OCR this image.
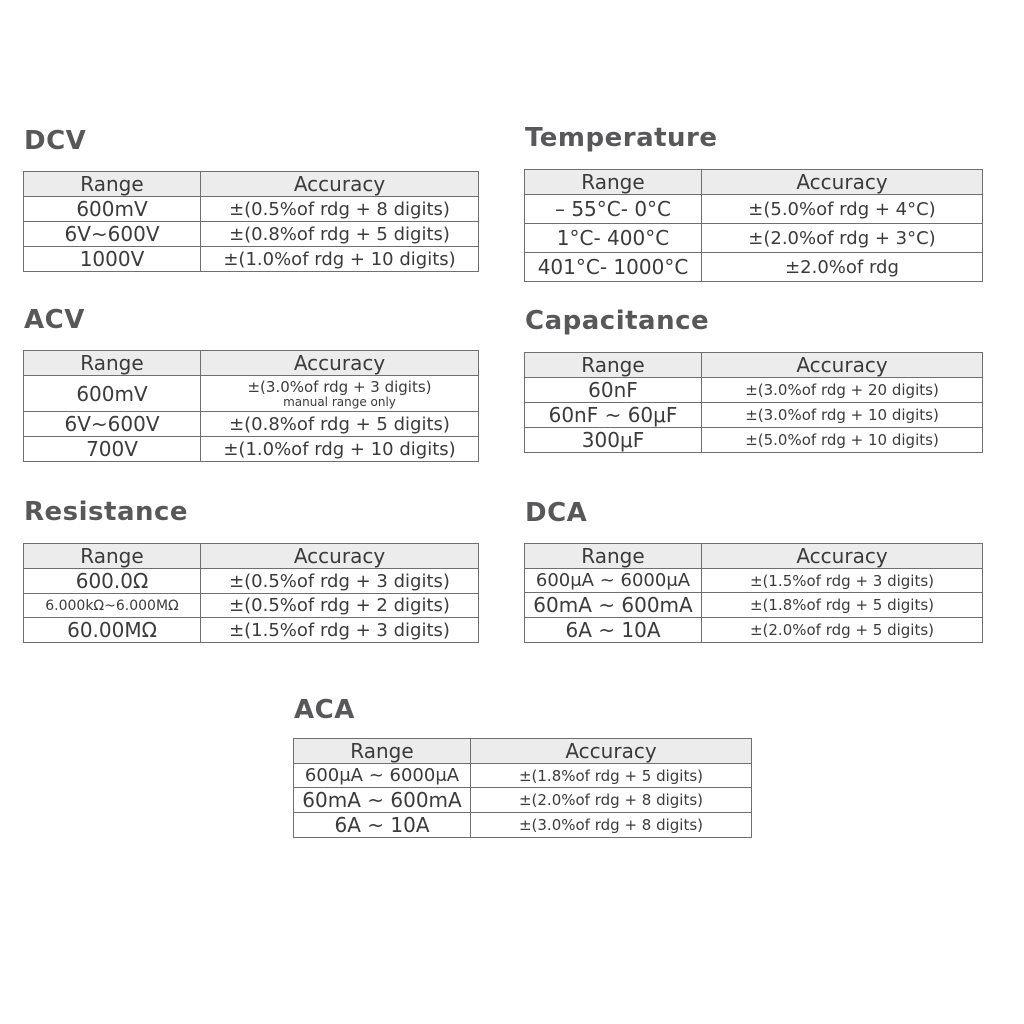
DCV
Range	Accuracy
600mV	±(0.5%of rdg + 8 digits)
6V~600V	±(0.8%of rdg + 5 digits)
1000V	±(1.0%of rdg + 10 digits)
Temperature
Range	Accuracy
– 55°C- 0°C	±(5.0%of rdg + 4°C)
1°C- 400°C	±(2.0%of rdg + 3°C)
401°C- 1000°C	±2.0%of rdg
ACV
Range	Accuracy
600mV	±(3.0%of rdg + 3 digits)
manual range only

6V~600V	±(0.8%of rdg + 5 digits)
700V	±(1.0%of rdg + 10 digits)
Capacitance
Range	Accuracy
60nF	±(3.0%of rdg + 20 digits)
60nF ~ 60μF	±(3.0%of rdg + 10 digits)
300μF	±(5.0%of rdg + 10 digits)
Resistance
Range	Accuracy
600.0Ω	±(0.5%of rdg + 3 digits)
6.000kΩ~6.000MΩ	±(0.5%of rdg + 2 digits)
60.00MΩ	±(1.5%of rdg + 3 digits)
DCA
Range	Accuracy
600μA ~ 6000μA	±(1.5%of rdg + 3 digits)
60mA ~ 600mA	±(1.8%of rdg + 5 digits)
6A ~ 10A	±(2.0%of rdg + 5 digits)
ACA
Range	Accuracy
600μA ~ 6000μA	±(1.8%of rdg + 5 digits)
60mA ~ 600mA	±(2.0%of rdg + 8 digits)
6A ~ 10A	±(3.0%of rdg + 8 digits)
